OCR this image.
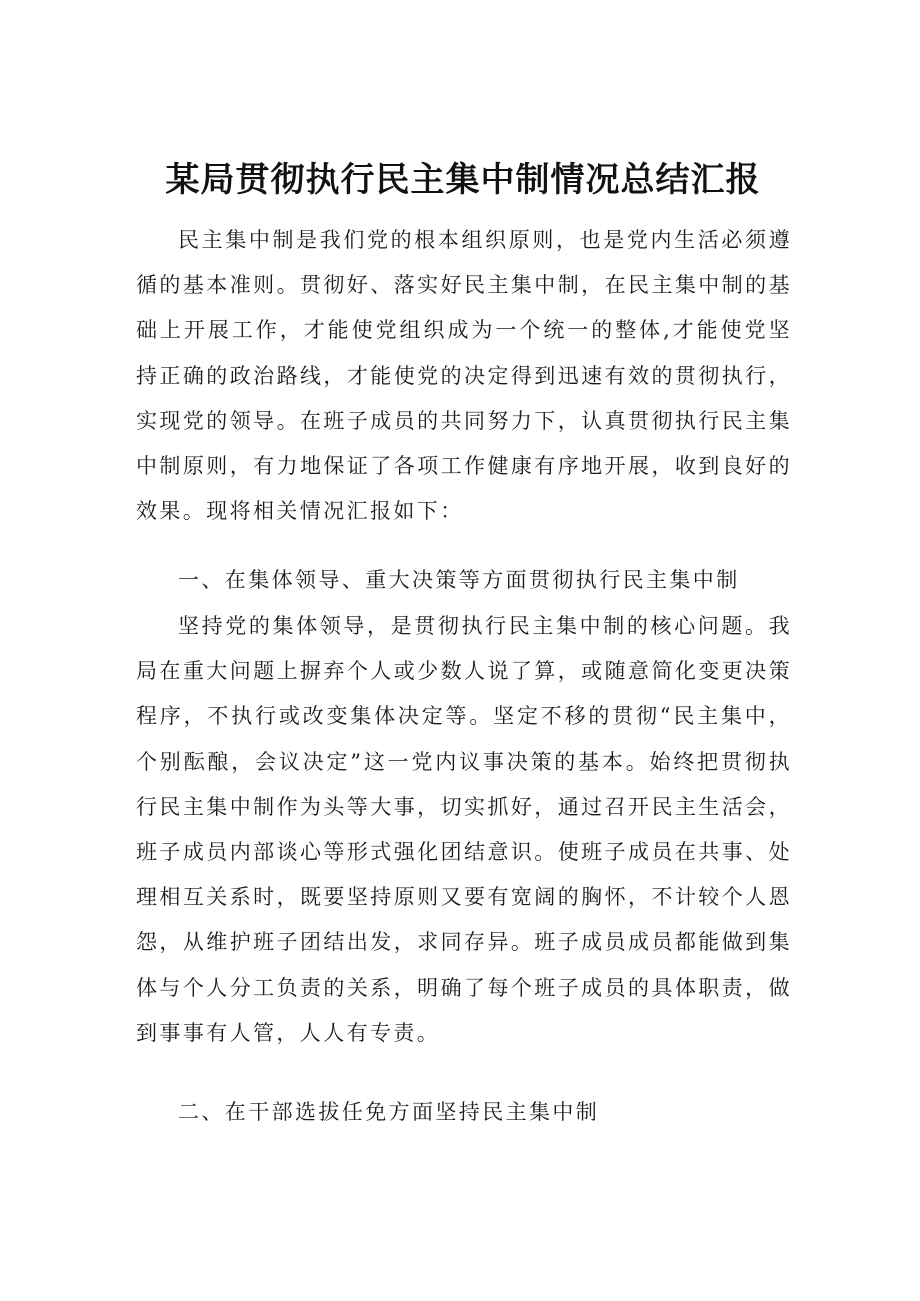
某局贯彻执行民主集中制情况总结汇报

民主集中制是我们党的根本组织原则，也是党内生活必须遵循的基本准则。贯彻好、落实好民主集中制，在民主集中制的基础上开展工作，才能使党组织成为一个统一的整体,才能使党坚持正确的政治路线，才能使党的决定得到迅速有效的贯彻执行，实现党的领导。在班子成员的共同努力下，认真贯彻执行民主集中制原则，有力地保证了各项工作健康有序地开展，收到良好的效果。现将相关情况汇报如下：

一、在集体领导、重大决策等方面贯彻执行民主集中制

坚持党的集体领导，是贯彻执行民主集中制的核心问题。我局在重大问题上摒弃个人或少数人说了算，或随意简化变更决策程序，不执行或改变集体决定等。坚定不移的贯彻“民主集中，个别酝酿，会议决定”这一党内议事决策的基本。始终把贯彻执行民主集中制作为头等大事，切实抓好，通过召开民主生活会，班子成员内部谈心等形式强化团结意识。使班子成员在共事、处理相互关系时，既要坚持原则又要有宽阔的胸怀，不计较个人恩怨，从维护班子团结出发，求同存异。班子成员成员都能做到集体与个人分工负责的关系，明确了每个班子成员的具体职责，做到事事有人管，人人有专责。

二、在干部选拔任免方面坚持民主集中制
